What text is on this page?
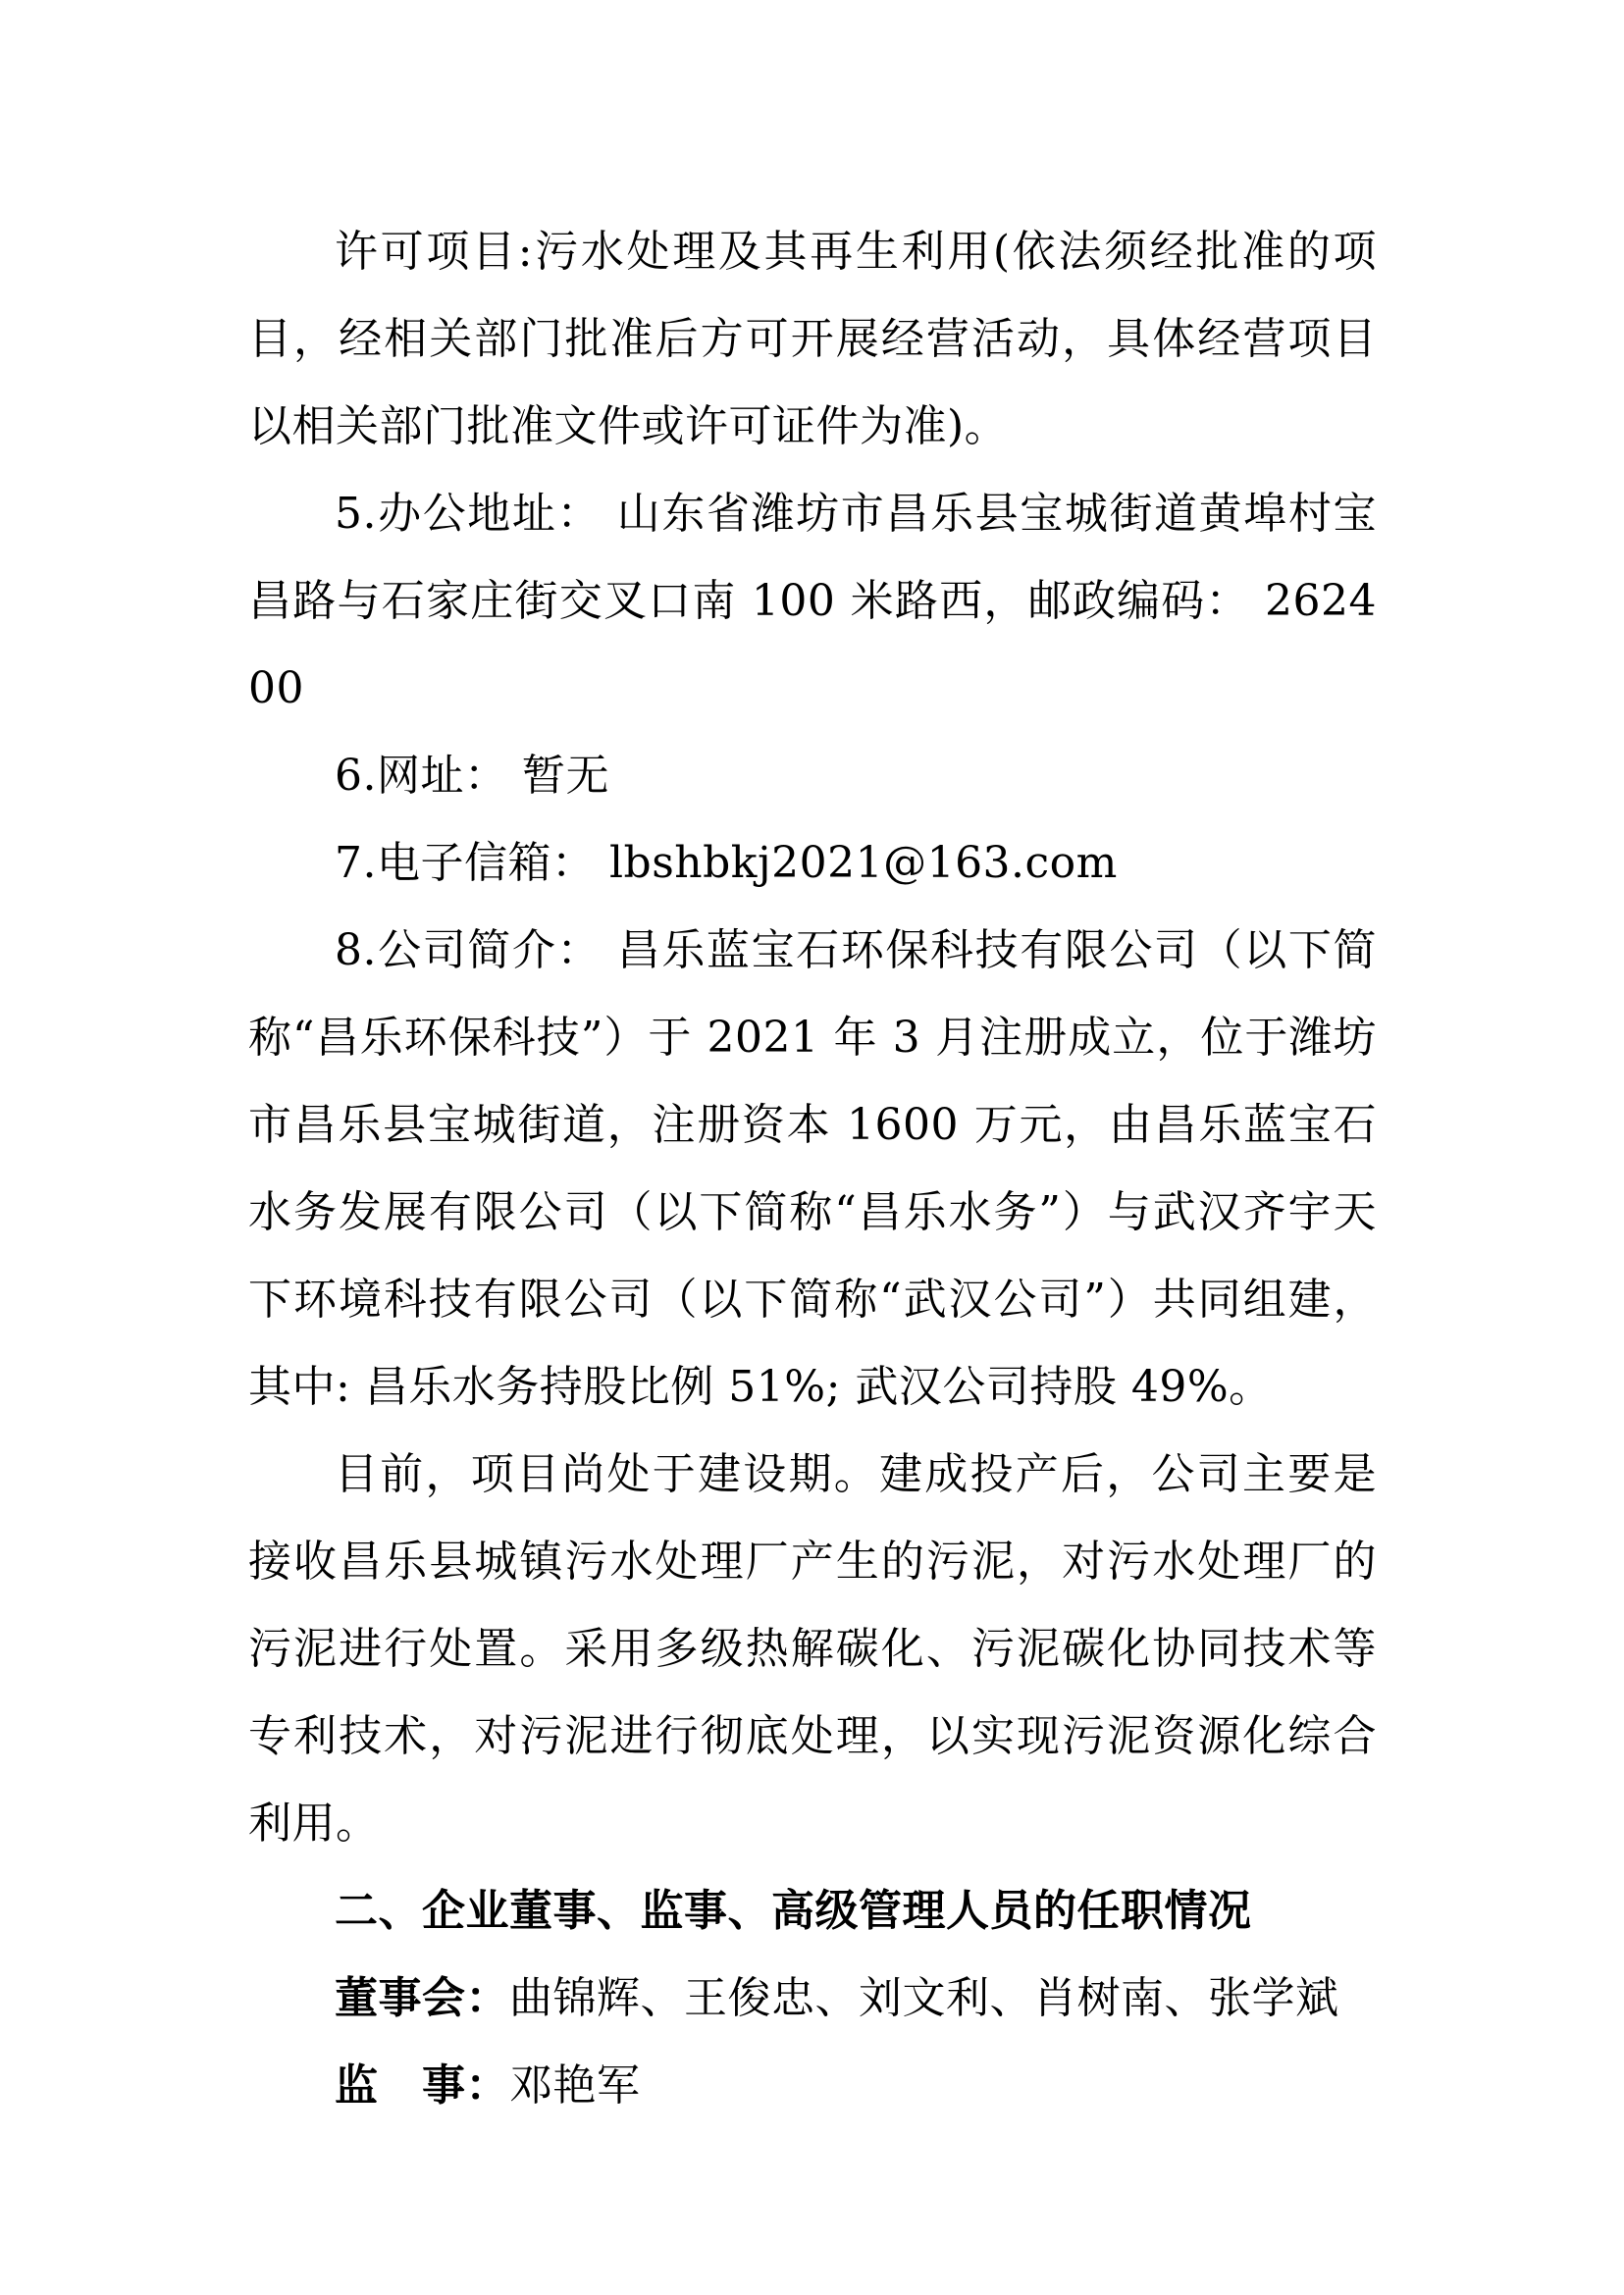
许可项目:污水处理及其再生利用(依法须经批准的项目，经相关部门批准后方可开展经营活动，具体经营项目以相关部门批准文件或许可证件为准)。

5.办公地址： 山东省潍坊市昌乐县宝城街道黄埠村宝昌路与石家庄街交叉口南 100 米路西，邮政编码： 262400

6.网址： 暂无

7.电子信箱： lbshbkj2021@163.com

8.公司简介： 昌乐蓝宝石环保科技有限公司（以下简称“昌乐环保科技”）于 2021 年 3 月注册成立，位于潍坊市昌乐县宝城街道，注册资本 1600 万元，由昌乐蓝宝石水务发展有限公司（以下简称“昌乐水务”）与武汉齐宇天下环境科技有限公司（以下简称“武汉公司”）共同组建，其中: 昌乐水务持股比例 51%; 武汉公司持股 49%。

目前，项目尚处于建设期。建成投产后，公司主要是接收昌乐县城镇污水处理厂产生的污泥，对污水处理厂的污泥进行处置。采用多级热解碳化、污泥碳化协同技术等专利技术，对污泥进行彻底处理，以实现污泥资源化综合利用。

二、企业董事、监事、高级管理人员的任职情况

董事会：曲锦辉、王俊忠、刘文利、肖树南、张学斌

监　事：邓艳军
